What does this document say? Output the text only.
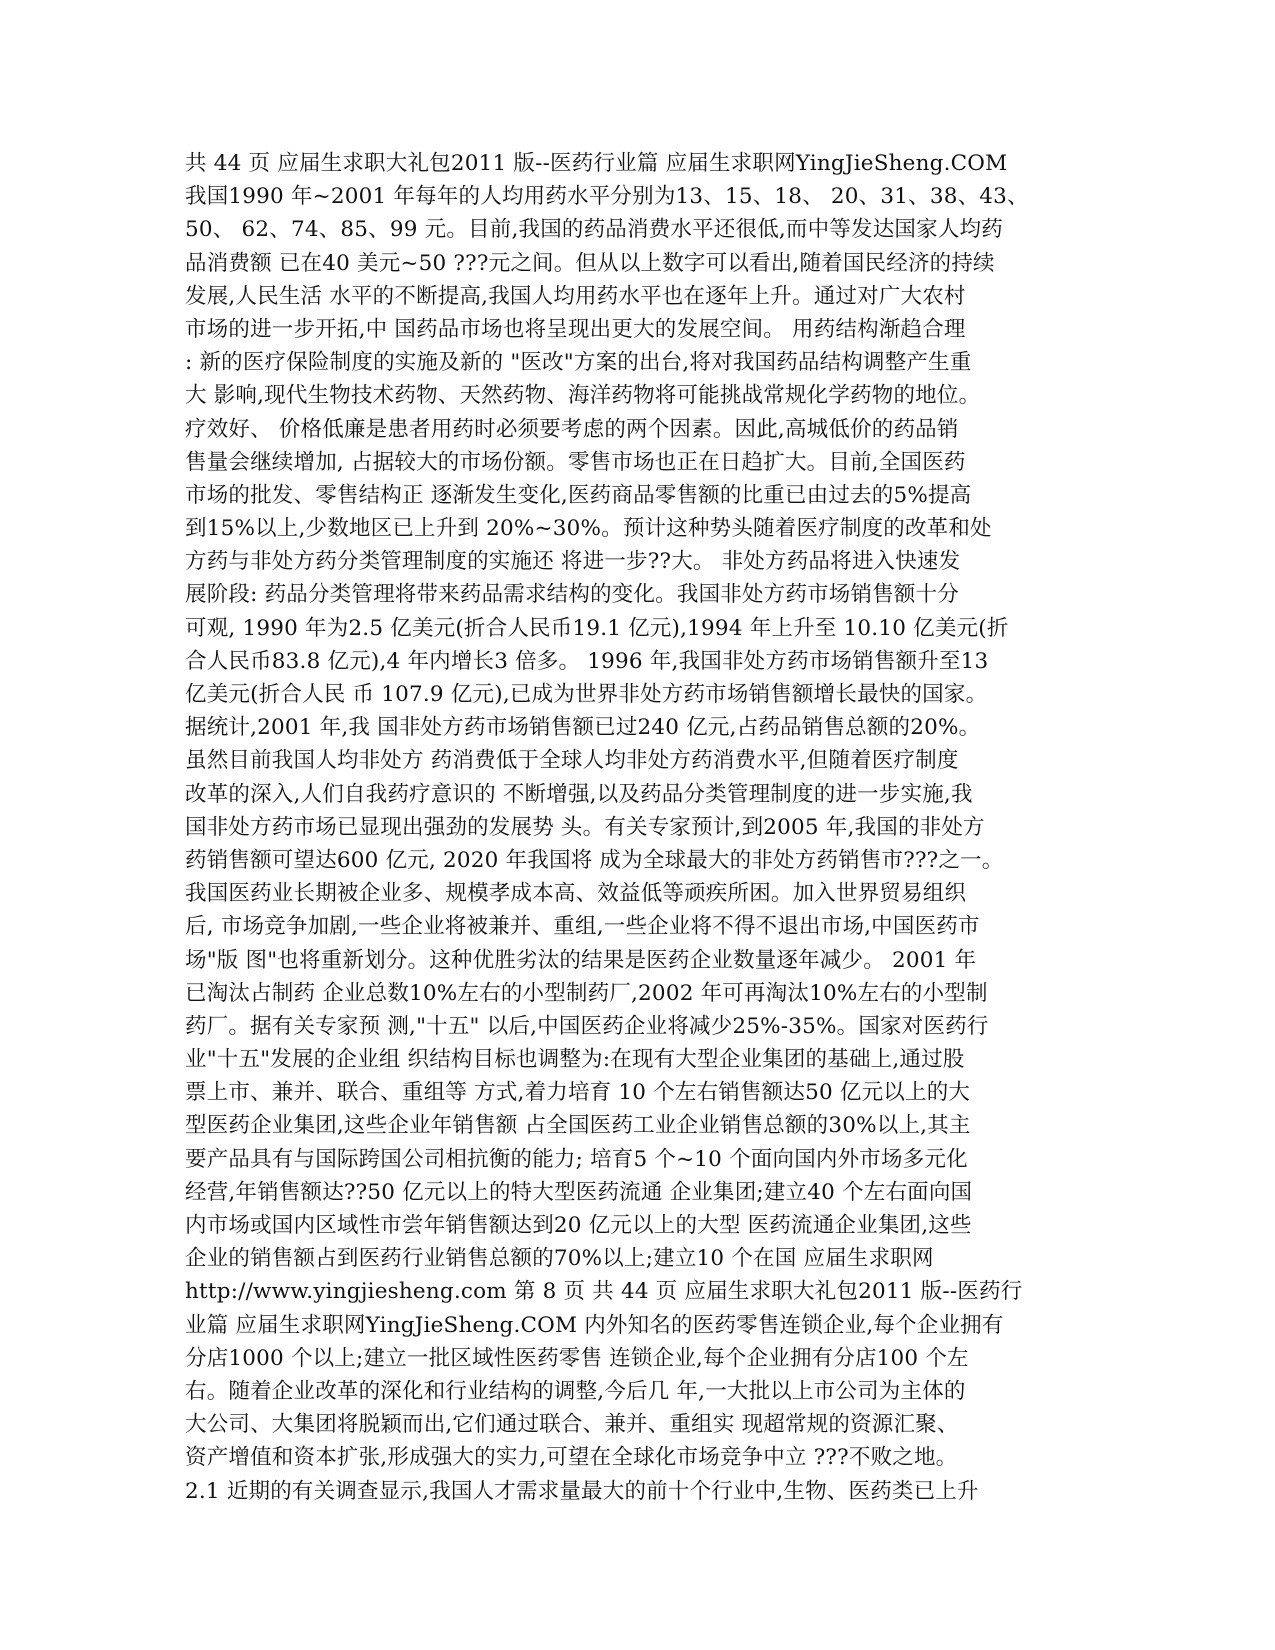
共 44 页 应届生求职大礼包2011 版--医药行业篇 应届生求职网YingJieSheng.COM
我国1990 年~2001 年每年的人均用药水平分别为13、15、18、 20、31、38、43、
50、 62、74、85、99 元。目前,我国的药品消费水平还很低,而中等发达国家人均药
品消费额 已在40 美元~50 ???元之间。但从以上数字可以看出,随着国民经济的持续
发展,人民生活 水平的不断提高,我国人均用药水平也在逐年上升。通过对广大农村
市场的进一步开拓,中 国药品市场也将呈现出更大的发展空间。 用药结构渐趋合理
: 新的医疗保险制度的实施及新的 "医改"方案的出台,将对我国药品结构调整产生重
大 影响,现代生物技术药物、天然药物、海洋药物将可能挑战常规化学药物的地位。
疗效好、 价格低廉是患者用药时必须要考虑的两个因素。因此,高城低价的药品销
售量会继续增加, 占据较大的市场份额。零售市场也正在日趋扩大。目前,全国医药
市场的批发、零售结构正 逐渐发生变化,医药商品零售额的比重已由过去的5%提高
到15%以上,少数地区已上升到 20%~30%。预计这种势头随着医疗制度的改革和处
方药与非处方药分类管理制度的实施还 将进一步??大。 非处方药品将进入快速发
展阶段: 药品分类管理将带来药品需求结构的变化。我国非处方药市场销售额十分
可观, 1990 年为2.5 亿美元(折合人民币19.1 亿元),1994 年上升至 10.10 亿美元(折
合人民币83.8 亿元),4 年内增长3 倍多。 1996 年,我国非处方药市场销售额升至13
亿美元(折合人民 币 107.9 亿元),已成为世界非处方药市场销售额增长最快的国家。
据统计,2001 年,我 国非处方药市场销售额已过240 亿元,占药品销售总额的20%。
虽然目前我国人均非处方 药消费低于全球人均非处方药消费水平,但随着医疗制度
改革的深入,人们自我药疗意识的 不断增强,以及药品分类管理制度的进一步实施,我
国非处方药市场已显现出强劲的发展势 头。有关专家预计,到2005 年,我国的非处方
药销售额可望达600 亿元, 2020 年我国将 成为全球最大的非处方药销售市???之一。
我国医药业长期被企业多、规模孝成本高、效益低等顽疾所困。加入世界贸易组织
后, 市场竞争加剧,一些企业将被兼并、重组,一些企业将不得不退出市场,中国医药市
场"版 图"也将重新划分。这种优胜劣汰的结果是医药企业数量逐年减少。 2001 年
已淘汰占制药 企业总数10%左右的小型制药厂,2002 年可再淘汰10%左右的小型制
药厂。据有关专家预 测,"十五" 以后,中国医药企业将减少25%-35%。国家对医药行
业"十五"发展的企业组 织结构目标也调整为:在现有大型企业集团的基础上,通过股
票上市、兼并、联合、重组等 方式,着力培育 10 个左右销售额达50 亿元以上的大
型医药企业集团,这些企业年销售额 占全国医药工业企业销售总额的30%以上,其主
要产品具有与国际跨国公司相抗衡的能力; 培育5 个~10 个面向国内外市场多元化
经营,年销售额达??50 亿元以上的特大型医药流通 企业集团;建立40 个左右面向国
内市场或国内区域性市尝年销售额达到20 亿元以上的大型 医药流通企业集团,这些
企业的销售额占到医药行业销售总额的70%以上;建立10 个在国 应届生求职网
http://www.yingjiesheng.com 第 8 页 共 44 页 应届生求职大礼包2011 版--医药行
业篇 应届生求职网YingJieSheng.COM 内外知名的医药零售连锁企业,每个企业拥有
分店1000 个以上;建立一批区域性医药零售 连锁企业,每个企业拥有分店100 个左
右。随着企业改革的深化和行业结构的调整,今后几 年,一大批以上市公司为主体的
大公司、大集团将脱颖而出,它们通过联合、兼并、重组实 现超常规的资源汇聚、
资产增值和资本扩张,形成强大的实力,可望在全球化市场竞争中立 ???不败之地。
2.1 近期的有关调查显示,我国人才需求量最大的前十个行业中,生物、医药类已上升
